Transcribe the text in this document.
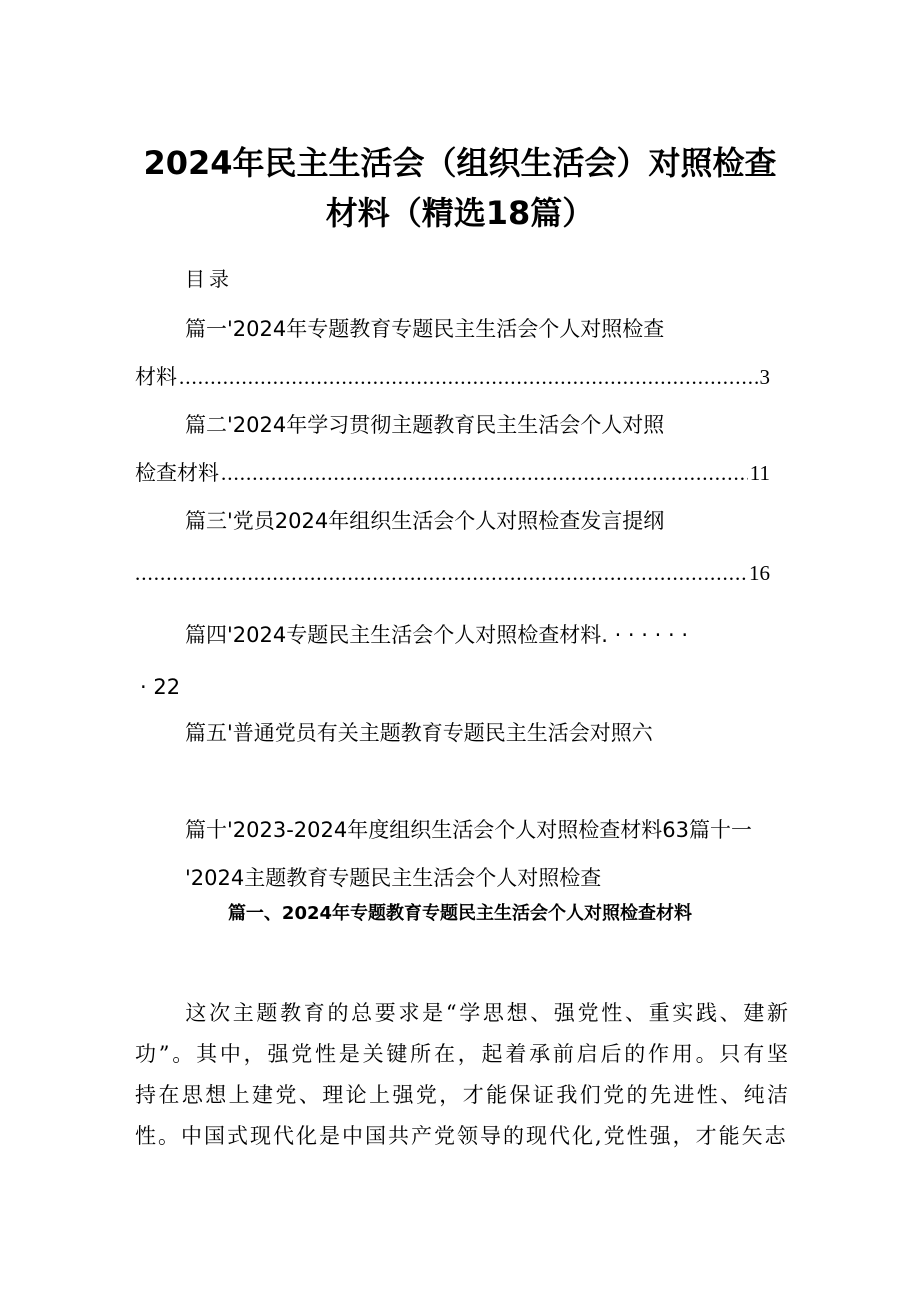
2024年民主生活会（组织生活会）对照检查
材料（精选18篇）
目录
篇一'2024年专题教育专题民主生活会个人对照检查
材料 .....	3
篇二'2024年学习贯彻主题教育民主生活会个人对照
检查材料 .....	11
篇三'党员2024年组织生活会个人对照检查发言提纲
.....
16
篇四'2024专题民主生活会个人对照检查材料. · · · · · ·
· 22
篇五'普通党员有关主题教育专题民主生活会对照六
篇十'2023-2024年度组织生活会个人对照检查材料63篇十一
'2024主题教育专题民主生活会个人对照检查
篇一、2024年专题教育专题民主生活会个人对照检查材料
这次主题教育的总要求是“学思想、强党性、重实践、建新功”。其中，强党性是关键所在，起着承前启后的作用。只有坚持在思想上建党、理论上强党，才能保证我们党的先进性、纯洁性。中国式现代化是中国共产党领导的现代化,党性强，才能矢志
